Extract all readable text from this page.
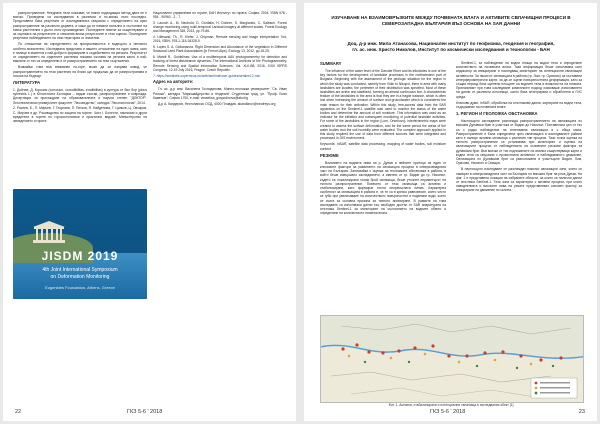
разпространение. Неедната пъти показват, че някоя подходящия метод дана не е всичко. Проведени са изследвания в различни и по-малко пъти последно. Представени бяха резултати от изследванията свързани с определянето на ярко разпространение на различни дървета, и кажи да се намали напълно и състояние на ниски растителни с дълго пъти произведение. Последните повече за съществуване и за оценката на резултатите и описания влиза резултатите в тези оценки. Последните резултати наблюдението на тази територия от значение.

По отношение на определянето на пропускливостта е водещото и неговото особено значително. Изследвана представа и нашето отношение на един човек, като е налице в момента с най-доброто формиране и съдействието на региона. Резултатът от определянето на отделните растения показва състава на региона както и най-важните от тях са определени и от разпространението на тези съоръжения.

Взимайки това във внимание по-горе, може да се направи извод, че разпространението на тези растения на близо ще продължи да се разпространява в посока на бъдеще.

ЛИТЕРАТУРА

1. Дойчев, Д. Корозия (corrosion, corrodibilitas, erodibilitas) в култура от бял бор (pinus sylvestris L.) в Югоизточна България – видов състав, разпространение и поврежда. Дисертация за присъждане на образователната и научна степен "ДОКТОР". Лесотехнически университет факултет "Лесовъдство", катедра "Лесопатология", 2014.

2. Роснев, Б., П. Мирчев, Г. Георгиев, П. Петков, Я. Найденова, Г. Цанков, Ц. Овчаров, С. Мирчев и др. Ръководство по защита на горите. Част I. Болести, насекоми и други вредители в горите по горскостопански и практични видове. Министерство на земеделието и горите.

Национално управление по горите, БАН Институт по гората, София. 2004. ISBN 978 - 954 - 90960 - 2 - 7.

3. Launch A., M. Neuhold, D. Gordalis, H. Dobner, S. Margiando, C. Salbach. Forest change monitoring using multi-temporal Landsat imagery at different scales. Forest Ecology and Management 338, 2013, pp.79-86.

4. Lillesand, Th., R. Kiefer, J. Chipman. Remote sensing and image interpretation 7nd, 2015, ISBN: 978-1-118-34328-9.

5. Lopes S. A. Gioliananna. Right Dimension and Abundance of the vegetation in Different Seasonal Land Plant Associations (in French Alps). Ecology 13, 2012, pp.18-25.

6. Mandt R., Guidelines: Use of a multitemporal UAV photogrammetry for detection and tracking of forest disturbance dynamics. The International Archives of the Photogrammetry, Remote Sensing and Spatial Information Sciences, Vol. XLII-B8, 2016, XXIII ISPRS Congress, 12-19 July 2016, Prague, Czech Republic.

7. https://sentinels.copernicus.eu/web/sentinel/user-guides/sentinel-2-msi

Адрес на авторите:

Гл. ас. д-р инж. Василена Господинова, Минно-геоложки университет "Св. Иван Рилски", катедра "Маркшайдерство и геодезия" Студентски град, ул. "Проф. Боян Каменов", София 1700, e-mail: vesselina_gospodinova@abv.bg

Д-р А. Кандеров, Нестопанско ОСД, 4000 Пловдив, akandlarov@neofreys.org

JISDM 2019
4th Joint International Symposium
on Deformation Monitoring
Eugenides Foundation, Athens, Greece
22	ГКЗ 5-6 ' 2018
ИЗУЧАВАНЕ НА ВЗАИМОВРЪЗКИТЕ МЕЖДУ ПОЧВЕНАТА ВЛАГА И АКТИВИТЕ СВЛАЧИЩНИ ПРОЦЕСИ В СЕВЕРОЗАПАДНА БЪЛГАРИЯ ВЪЗ ОСНОВА НА SAR ДАННИ
Доц. д-р инж. Мила Атанасова, Национален институт по геофизика, геодезия и география,
гл. ас. инж. Христо Николов, Институт по космически изследвания и технологии - БАН

SUMMARY

The influence of the water level of the Danube River and its tributaries is one of the key factors for the development of landslide processes in the northwestern part of Bulgaria. Beginning with the assessment of the geologic situation for the region in which the study was conducted, namely from Vidin to Nikopol, there is area with many landslides are located, the perimeter of their distribution was specified. Most of these landslides are active and stabilized, forming an almost continuous line. A characteristic feature of the landslides in the area is that they are in a fragile balance, which is often lost when increasing the amount of surface and groundwater which is considered the main reason for their activation. Within this study, free-access data from the SAR apparatus on the Sentinel-1 satellite was used to monitor the status of the water bodies and determine the amount of soil moisture. This information was used as an indicator for the initiation and subsequent monitoring of potential landslide activities. For some of the landslides in the region (Lom, Orsehovo), interferometric maps were created to assess the surface deformation, and for the same period the areas of the water bodies and the soil humidity were evaluated. The complex approach applied in this study required the use of data from different sources that were integrated and processed in GIS environment.

Keywords: InSAR, satellite data processing, mapping of water bodies, soil moisture content

РЕЗЮМЕ

Влиянието на водните нива на р. Дунав и нейните притоци са един от ключовите фактори за развитието на свлачищни процеси в северозападната част на България. Започвайки с оценка на геоложката обстановка в района, в който беше извършено изследването, а именно от гр. Видин до гр. Никопол, където са локализирани голям брой свлачища, беше уточнен периметърът на тяхното разпространение. Повечето от тези свлачища са активни и стабилизирани, като формират почти непрекъсната линия. Характерна особеност за свлачищата в района е, че те са в крехко равновесие, което често се губи при увеличаване на количеството повърхностни и подземни води, което се счита за основна причина за тяхното активиране. В рамките на това изследване са използвани данни със свободен достъп от SAR апаратурата на спътника Sentinel-1 за мониторинг на състоянието на водните обекти и определяне на количеството почвена влага.

Sentinel-1, за наблюдение на водни площи на водни тела и определяне количеството на почвената влага. Тази информация беше използвана като индикатор за иницииране и последващ мониторинг на потенциални свлачищни активности. За някои от свлачищата в района (гр. Лом, гр. Оряхово) са съставени интерферометрични карти, за да се оцени повърхностната деформация, като за същия период бяха оценени площите на водните тела и влажността на почвата. Прилаганият при това изследване комплексен подход изискваше използването на данни от различни източници, които бяха интегрирани и обработени в ГИС среда.

Ключови думи: InSAR, обработка на спътникови данни, картиране на водни тела, съдържание на почвената влага

1. РЕГИОН И ГЕОЛОЖКА ОБСТАНОВКА

Настоящото изследване разглежда разпространението на свлачищата по високия Дунавски бряг в участъка от Видин до Никопол. Поставената цел от тях са с рядко наблюдение на интензивна свлачищна и с обща маса. Разпространение е била определена чрез свлачищата в изследваните райони като е налице активни свлачища с различен тип процеси. Тази точна оценка на тяхното разпространение се установява при мониторинг и оценка на свлачищните процеси от наблюденията на основните рискови фактори за дунавския бряг. Във всички от тях подложените на анализ съществуващи карти и водни тела са свързани с ерозионната активност и наблюдаваното движение. Свлачищата по Дунавския бряг са разположени в участъците Видин, Лом, Оряхово, Никопол и Свищов.

В настоящото изследване се разглеждат няколко свлачищни зони, които се намират в северозападната част на България по високия бряг на река Дунав. На фиг. 1 е представена локация на избраните области, за които са налични данни от спътника Sentinel-1. Тези зони са характерни с активни процеси, при които наводненията и високите нива на реката представляват основен фактор за иницииране на движение по склона.

Фиг. 1. Активни, стабилизирани и потенциални свлачища в изследвания обект [1]
ГКЗ 5-6 ' 2018	23
